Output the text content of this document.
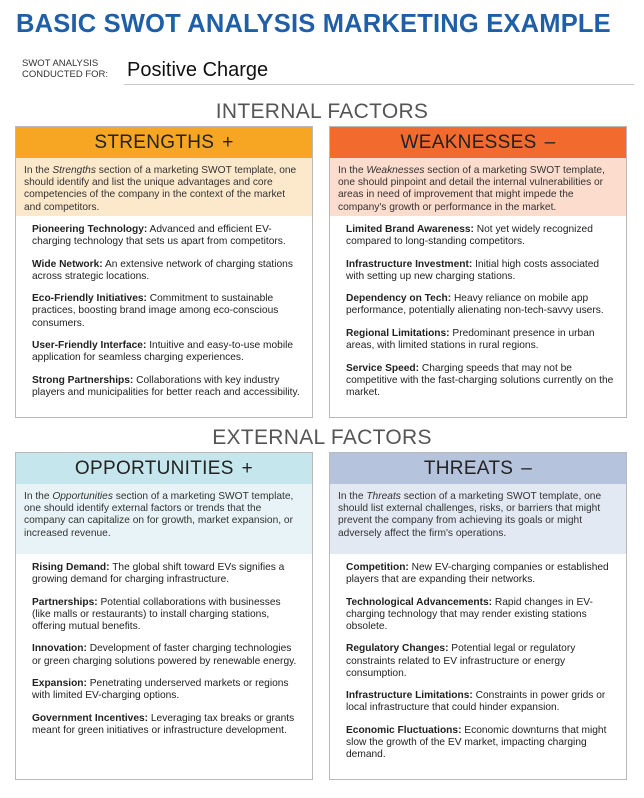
BASIC SWOT ANALYSIS MARKETING EXAMPLE
SWOT ANALYSIS CONDUCTED FOR: Positive Charge
INTERNAL FACTORS
STRENGTHS +
In the Strengths section of a marketing SWOT template, one should identify and list the unique advantages and core competencies of the company in the context of the market and competitors.
Pioneering Technology: Advanced and efficient EV-charging technology that sets us apart from competitors.
Wide Network: An extensive network of charging stations across strategic locations.
Eco-Friendly Initiatives: Commitment to sustainable practices, boosting brand image among eco-conscious consumers.
User-Friendly Interface: Intuitive and easy-to-use mobile application for seamless charging experiences.
Strong Partnerships: Collaborations with key industry players and municipalities for better reach and accessibility.
WEAKNESSES –
In the Weaknesses section of a marketing SWOT template, one should pinpoint and detail the internal vulnerabilities or areas in need of improvement that might impede the company's growth or performance in the market.
Limited Brand Awareness: Not yet widely recognized compared to long-standing competitors.
Infrastructure Investment: Initial high costs associated with setting up new charging stations.
Dependency on Tech: Heavy reliance on mobile app performance, potentially alienating non-tech-savvy users.
Regional Limitations: Predominant presence in urban areas, with limited stations in rural regions.
Service Speed: Charging speeds that may not be competitive with the fast-charging solutions currently on the market.
EXTERNAL FACTORS
OPPORTUNITIES +
In the Opportunities section of a marketing SWOT template, one should identify external factors or trends that the company can capitalize on for growth, market expansion, or increased revenue.
Rising Demand: The global shift toward EVs signifies a growing demand for charging infrastructure.
Partnerships: Potential collaborations with businesses (like malls or restaurants) to install charging stations, offering mutual benefits.
Innovation: Development of faster charging technologies or green charging solutions powered by renewable energy.
Expansion: Penetrating underserved markets or regions with limited EV-charging options.
Government Incentives: Leveraging tax breaks or grants meant for green initiatives or infrastructure development.
THREATS –
In the Threats section of a marketing SWOT template, one should list external challenges, risks, or barriers that might prevent the company from achieving its goals or might adversely affect the firm's operations.
Competition: New EV-charging companies or established players that are expanding their networks.
Technological Advancements: Rapid changes in EV-charging technology that may render existing stations obsolete.
Regulatory Changes: Potential legal or regulatory constraints related to EV infrastructure or energy consumption.
Infrastructure Limitations: Constraints in power grids or local infrastructure that could hinder expansion.
Economic Fluctuations: Economic downturns that might slow the growth of the EV market, impacting charging demand.
